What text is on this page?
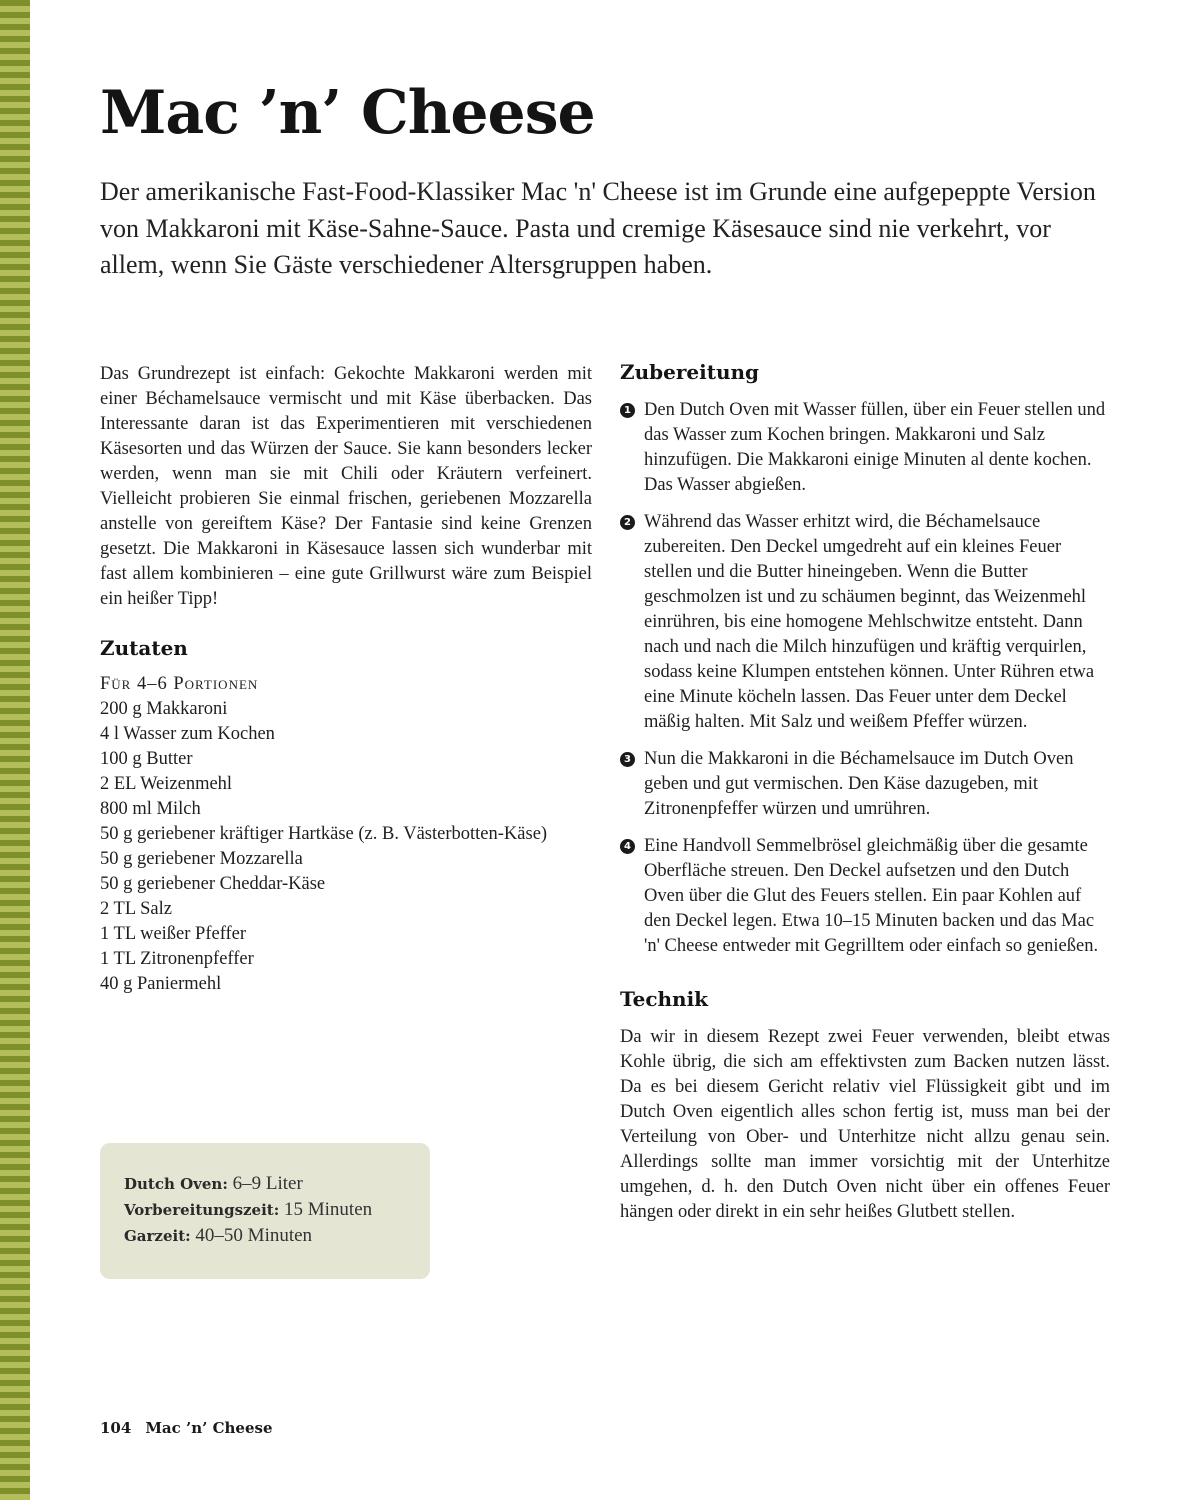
Mac ’n’ Cheese

Der amerikanische Fast-Food-Klassiker Mac 'n' Cheese ist im Grunde eine aufgepeppte Version von Makkaroni mit Käse-Sahne-Sauce. Pasta und cremige Käsesauce sind nie verkehrt, vor allem, wenn Sie Gäste verschiedener Altersgruppen haben.

Das Grundrezept ist einfach: Gekochte Makkaroni werden mit einer Béchamelsauce vermischt und mit Käse überbacken. Das Interessante daran ist das Experimentieren mit verschiedenen Käsesorten und das Würzen der Sauce. Sie kann besonders lecker werden, wenn man sie mit Chili oder Kräutern verfeinert. Vielleicht probieren Sie einmal frischen, geriebenen Mozzarella anstelle von gereiftem Käse? Der Fantasie sind keine Grenzen gesetzt. Die Makkaroni in Käsesauce lassen sich wunderbar mit fast allem kombinieren – eine gute Grillwurst wäre zum Beispiel ein heißer Tipp!

Zutaten
Für 4–6 Portionen
200 g Makkaroni
4 l Wasser zum Kochen
100 g Butter
2 EL Weizenmehl
800 ml Milch
50 g geriebener kräftiger Hartkäse (z. B. Västerbotten-Käse)
50 g geriebener Mozzarella
50 g geriebener Cheddar-Käse
2 TL Salz
1 TL weißer Pfeffer
1 TL Zitronenpfeffer
40 g Paniermehl
Zubereitung
1 Den Dutch Oven mit Wasser füllen, über ein Feuer stellen und das Wasser zum Kochen bringen. Makkaroni und Salz hinzufügen. Die Makkaroni einige Minuten al dente kochen. Das Wasser abgießen.
2 Während das Wasser erhitzt wird, die Béchamelsauce zubereiten. Den Deckel umgedreht auf ein kleines Feuer stellen und die Butter hineingeben. Wenn die Butter geschmolzen ist und zu schäumen beginnt, das Weizenmehl einrühren, bis eine homogene Mehlschwitze entsteht. Dann nach und nach die Milch hinzufügen und kräftig verquirlen, sodass keine Klumpen entstehen können. Unter Rühren etwa eine Minute köcheln lassen. Das Feuer unter dem Deckel mäßig halten. Mit Salz und weißem Pfeffer würzen.
3 Nun die Makkaroni in die Béchamelsauce im Dutch Oven geben und gut vermischen. Den Käse dazugeben, mit Zitronenpfeffer würzen und umrühren.
4 Eine Handvoll Semmelbrösel gleichmäßig über die gesamte Oberfläche streuen. Den Deckel aufsetzen und den Dutch Oven über die Glut des Feuers stellen. Ein paar Kohlen auf den Deckel legen. Etwa 10–15 Minuten backen und das Mac 'n' Cheese entweder mit Gegrilltem oder einfach so genießen.
Technik

Da wir in diesem Rezept zwei Feuer verwenden, bleibt etwas Kohle übrig, die sich am effektivsten zum Backen nutzen lässt. Da es bei diesem Gericht relativ viel Flüssigkeit gibt und im Dutch Oven eigentlich alles schon fertig ist, muss man bei der Verteilung von Ober- und Unterhitze nicht allzu genau sein. Allerdings sollte man immer vorsichtig mit der Unterhitze umgehen, d. h. den Dutch Oven nicht über ein offenes Feuer hängen oder direkt in ein sehr heißes Glutbett stellen.

Dutch Oven: 6–9 Liter
Vorbereitungszeit: 15 Minuten
Garzeit: 40–50 Minuten
104 Mac ’n’ Cheese
